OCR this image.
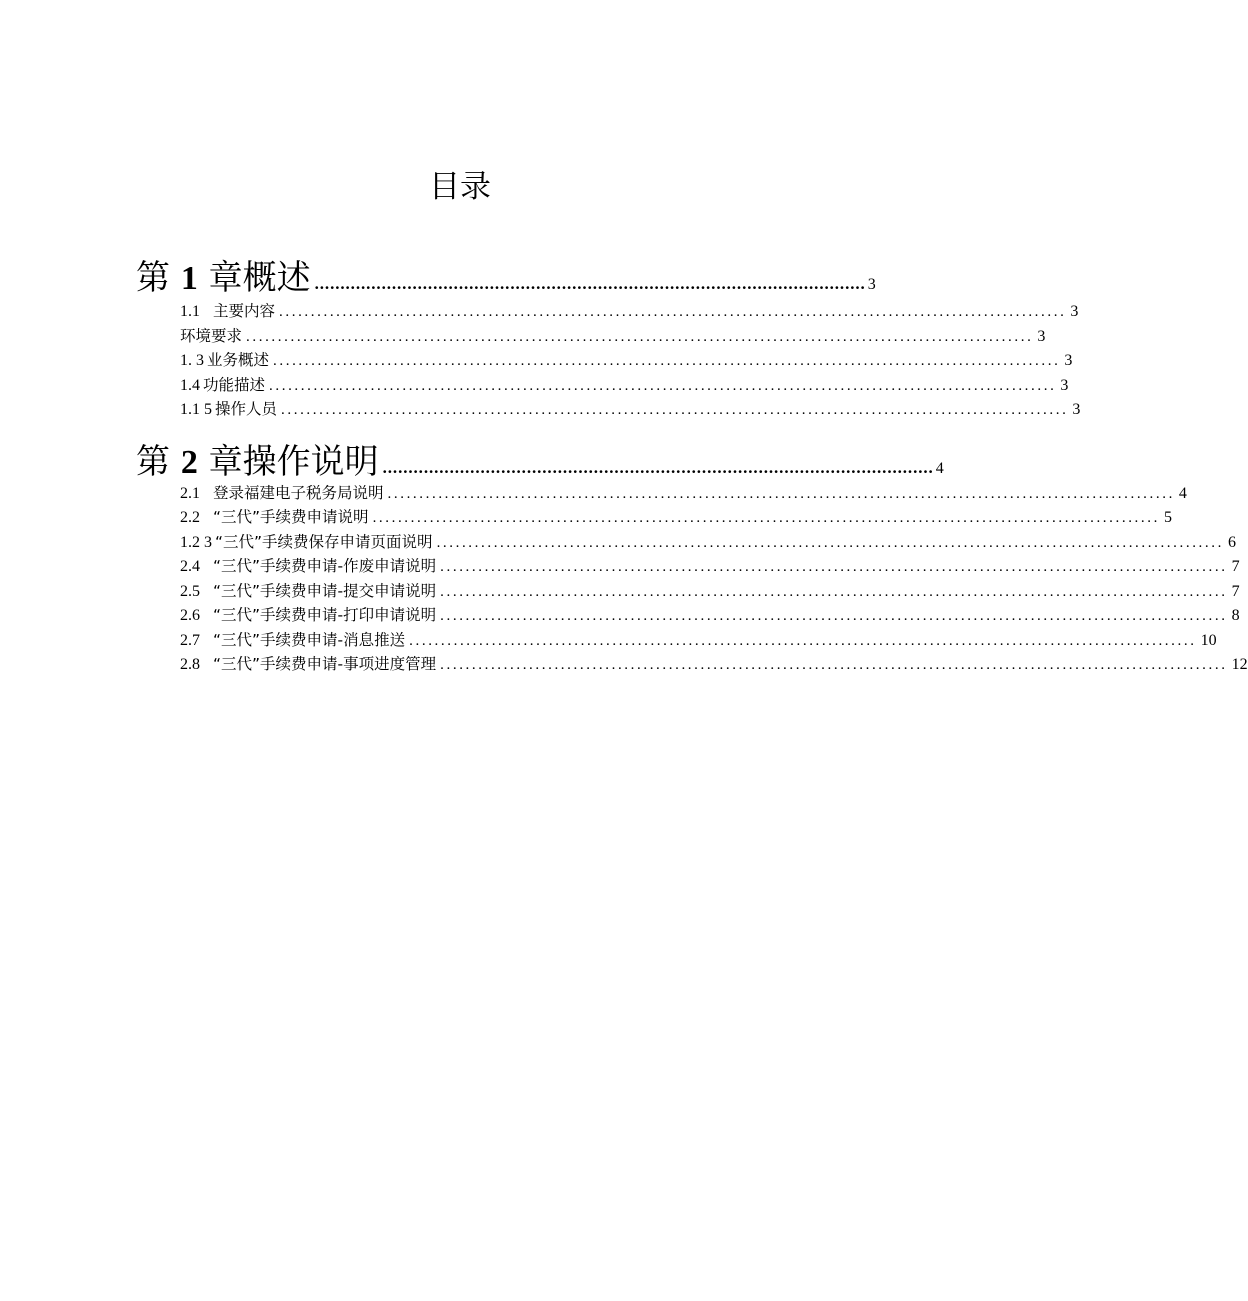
目录
第 1 章概述 ........................................................................................................... 3
1.1 主要内容 ............................................................................................................................ 3
环境要求 ............................................................................................................................ 3
1. 3 业务概述 ............................................................................................................................ 3
1.4 功能描述 ............................................................................................................................ 3
1.1 5 操作人员 ............................................................................................................................ 3
第 2 章操作说明 ........................................................................................................... 4
2.1 登录福建电子税务局说明 ............................................................................................................................ 4
2.2 “三代”手续费申请说明 ............................................................................................................................ 5
1.2 3 “三代”手续费保存申请页面说明 ............................................................................................................................ 6
2.4 “三代”手续费申请-作废申请说明 ............................................................................................................................ 7
2.5 “三代”手续费申请-提交申请说明 ............................................................................................................................ 7
2.6 “三代”手续费申请-打印申请说明 ............................................................................................................................ 8
2.7 “三代”手续费申请-消息推送 ............................................................................................................................ 10
2.8 “三代”手续费申请-事项进度管理 ............................................................................................................................ 12
